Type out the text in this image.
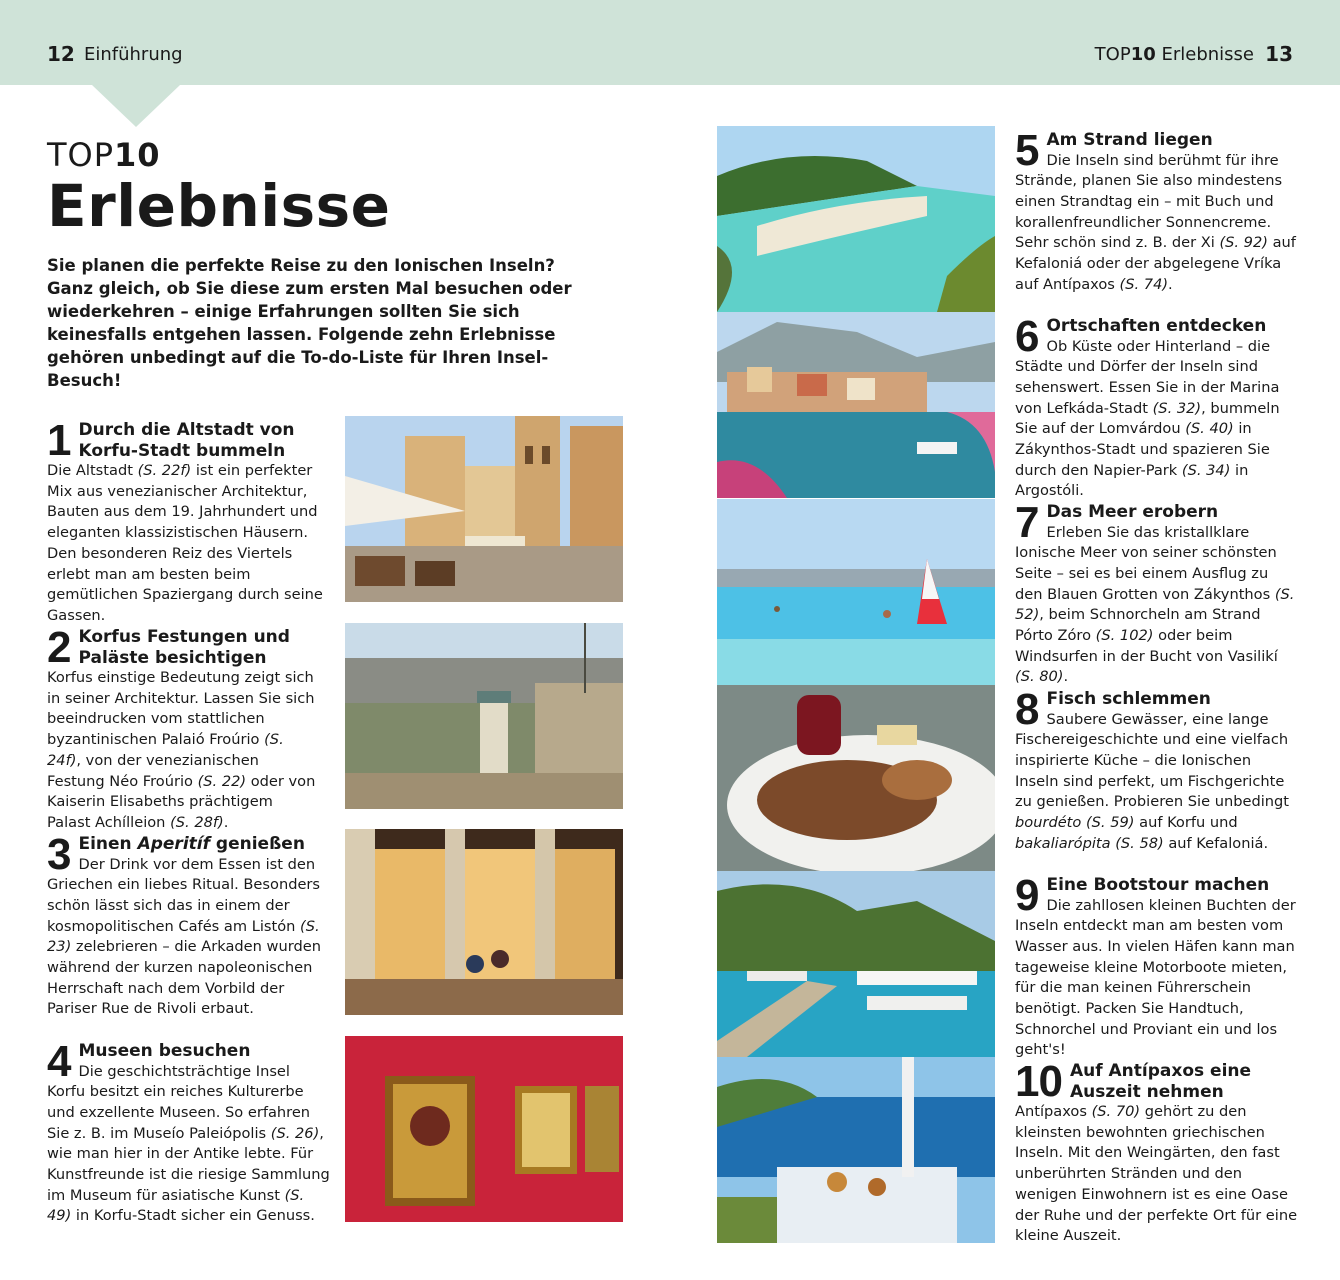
12 Einführung	TOP10 Erlebnisse 13
TOP10
Erlebnisse
Sie planen die perfekte Reise zu den Ionischen Inseln? Ganz gleich, ob Sie diese zum ersten Mal besuchen oder wiederkehren – einige Erfahrungen sollten Sie sich keinesfalls entgehen lassen. Folgende zehn Erlebnisse gehören unbedingt auf die To-do-Liste für Ihren Insel-Besuch!
1 Durch die Altstadt von Korfu-Stadt bummeln

Die Altstadt (S. 22f) ist ein perfekter Mix aus venezianischer Architektur, Bauten aus dem 19. Jahrhundert und eleganten klassizistischen Häusern. Den besonderen Reiz des Viertels erlebt man am besten beim gemütlichen Spaziergang durch seine Gassen.

2 Korfus Festungen und Paläste besichtigen

Korfus einstige Bedeutung zeigt sich in seiner Architektur. Lassen Sie sich beeindrucken vom stattlichen byzantinischen Palaió Froúrio (S. 24f), von der venezianischen Festung Néo Froúrio (S. 22) oder von Kaiserin Elisabeths prächtigem Palast Achílleion (S. 28f).

3 Einen Aperitíf genießen

Der Drink vor dem Essen ist den Griechen ein liebes Ritual. Besonders schön lässt sich das in einem der kosmopolitischen Cafés am Listón (S. 23) zelebrieren – die Arkaden wurden während der kurzen napoleonischen Herrschaft nach dem Vorbild der Pariser Rue de Rivoli erbaut.

4 Museen besuchen

Die geschichtsträchtige Insel Korfu besitzt ein reiches Kulturerbe und exzellente Museen. So erfahren Sie z. B. im Museío Paleiópolis (S. 26), wie man hier in der Antike lebte. Für Kunstfreunde ist die riesige Sammlung im Museum für asiatische Kunst (S. 49) in Korfu-Stadt sicher ein Genuss.

5 Am Strand liegen

Die Inseln sind berühmt für ihre Strände, planen Sie also mindestens einen Strandtag ein – mit Buch und korallenfreundlicher Sonnencreme. Sehr schön sind z. B. der Xi (S. 92) auf Kefaloniá oder der abgelegene Vríka auf Antípaxos (S. 74).

6 Ortschaften entdecken

Ob Küste oder Hinterland – die Städte und Dörfer der Inseln sind sehenswert. Essen Sie in der Marina von Lefkáda-Stadt (S. 32), bummeln Sie auf der Lomvárdou (S. 40) in Zákynthos-Stadt und spazieren Sie durch den Napier-Park (S. 34) in Argostóli.

7 Das Meer erobern

Erleben Sie das kristallklare Ionische Meer von seiner schönsten Seite – sei es bei einem Ausflug zu den Blauen Grotten von Zákynthos (S. 52), beim Schnorcheln am Strand Pórto Zóro (S. 102) oder beim Windsurfen in der Bucht von Vasilikí (S. 80).

8 Fisch schlemmen

Saubere Gewässer, eine lange Fischereigeschichte und eine vielfach inspirierte Küche – die Ionischen Inseln sind perfekt, um Fischgerichte zu genießen. Probieren Sie unbedingt bourdéto (S. 59) auf Korfu und bakaliarópita (S. 58) auf Kefaloniá.

9 Eine Bootstour machen

Die zahllosen kleinen Buchten der Inseln entdeckt man am besten vom Wasser aus. In vielen Häfen kann man tageweise kleine Motorboote mieten, für die man keinen Führerschein benötigt. Packen Sie Handtuch, Schnorchel und Proviant ein und los geht's!

10 Auf Antípaxos eine Auszeit nehmen

Antípaxos (S. 70) gehört zu den kleinsten bewohnten griechischen Inseln. Mit den Weingärten, den fast unberührten Stränden und den wenigen Einwohnern ist es eine Oase der Ruhe und der perfekte Ort für eine kleine Auszeit.
